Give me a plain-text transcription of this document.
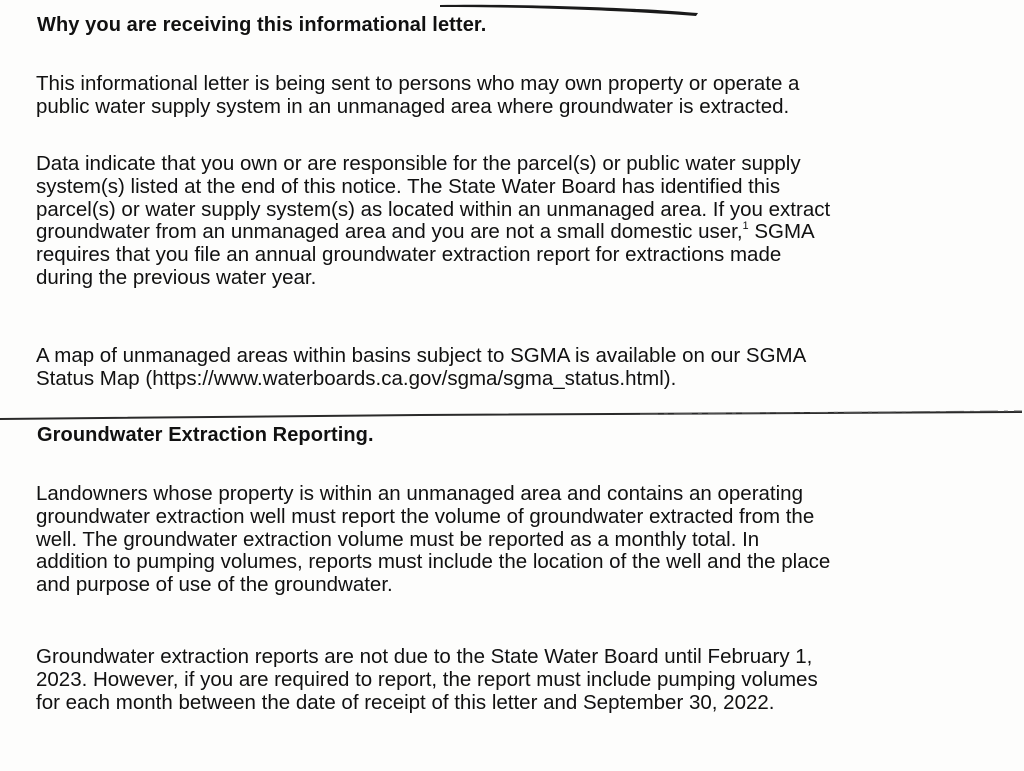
Why you are receiving this informational letter.

This informational letter is being sent to persons who may own property or operate a
public water supply system in an unmanaged area where groundwater is extracted.

Data indicate that you own or are responsible for the parcel(s) or public water supply
system(s) listed at the end of this notice. The State Water Board has identified this
parcel(s) or water supply system(s) as located within an unmanaged area. If you extract
groundwater from an unmanaged area and you are not a small domestic user,$^1$ SGMA
requires that you file an annual groundwater extraction report for extractions made
during the previous water year.

A map of unmanaged areas within basins subject to SGMA is available on our SGMA
Status Map (https://www.waterboards.ca.gov/sgma/sgma_status.html).

Groundwater Extraction Reporting.

Landowners whose property is within an unmanaged area and contains an operating
groundwater extraction well must report the volume of groundwater extracted from the
well. The groundwater extraction volume must be reported as a monthly total. In
addition to pumping volumes, reports must include the location of the well and the place
and purpose of use of the groundwater.

Groundwater extraction reports are not due to the State Water Board until February 1,
2023. However, if you are required to report, the report must include pumping volumes
for each month between the date of receipt of this letter and September 30, 2022.
